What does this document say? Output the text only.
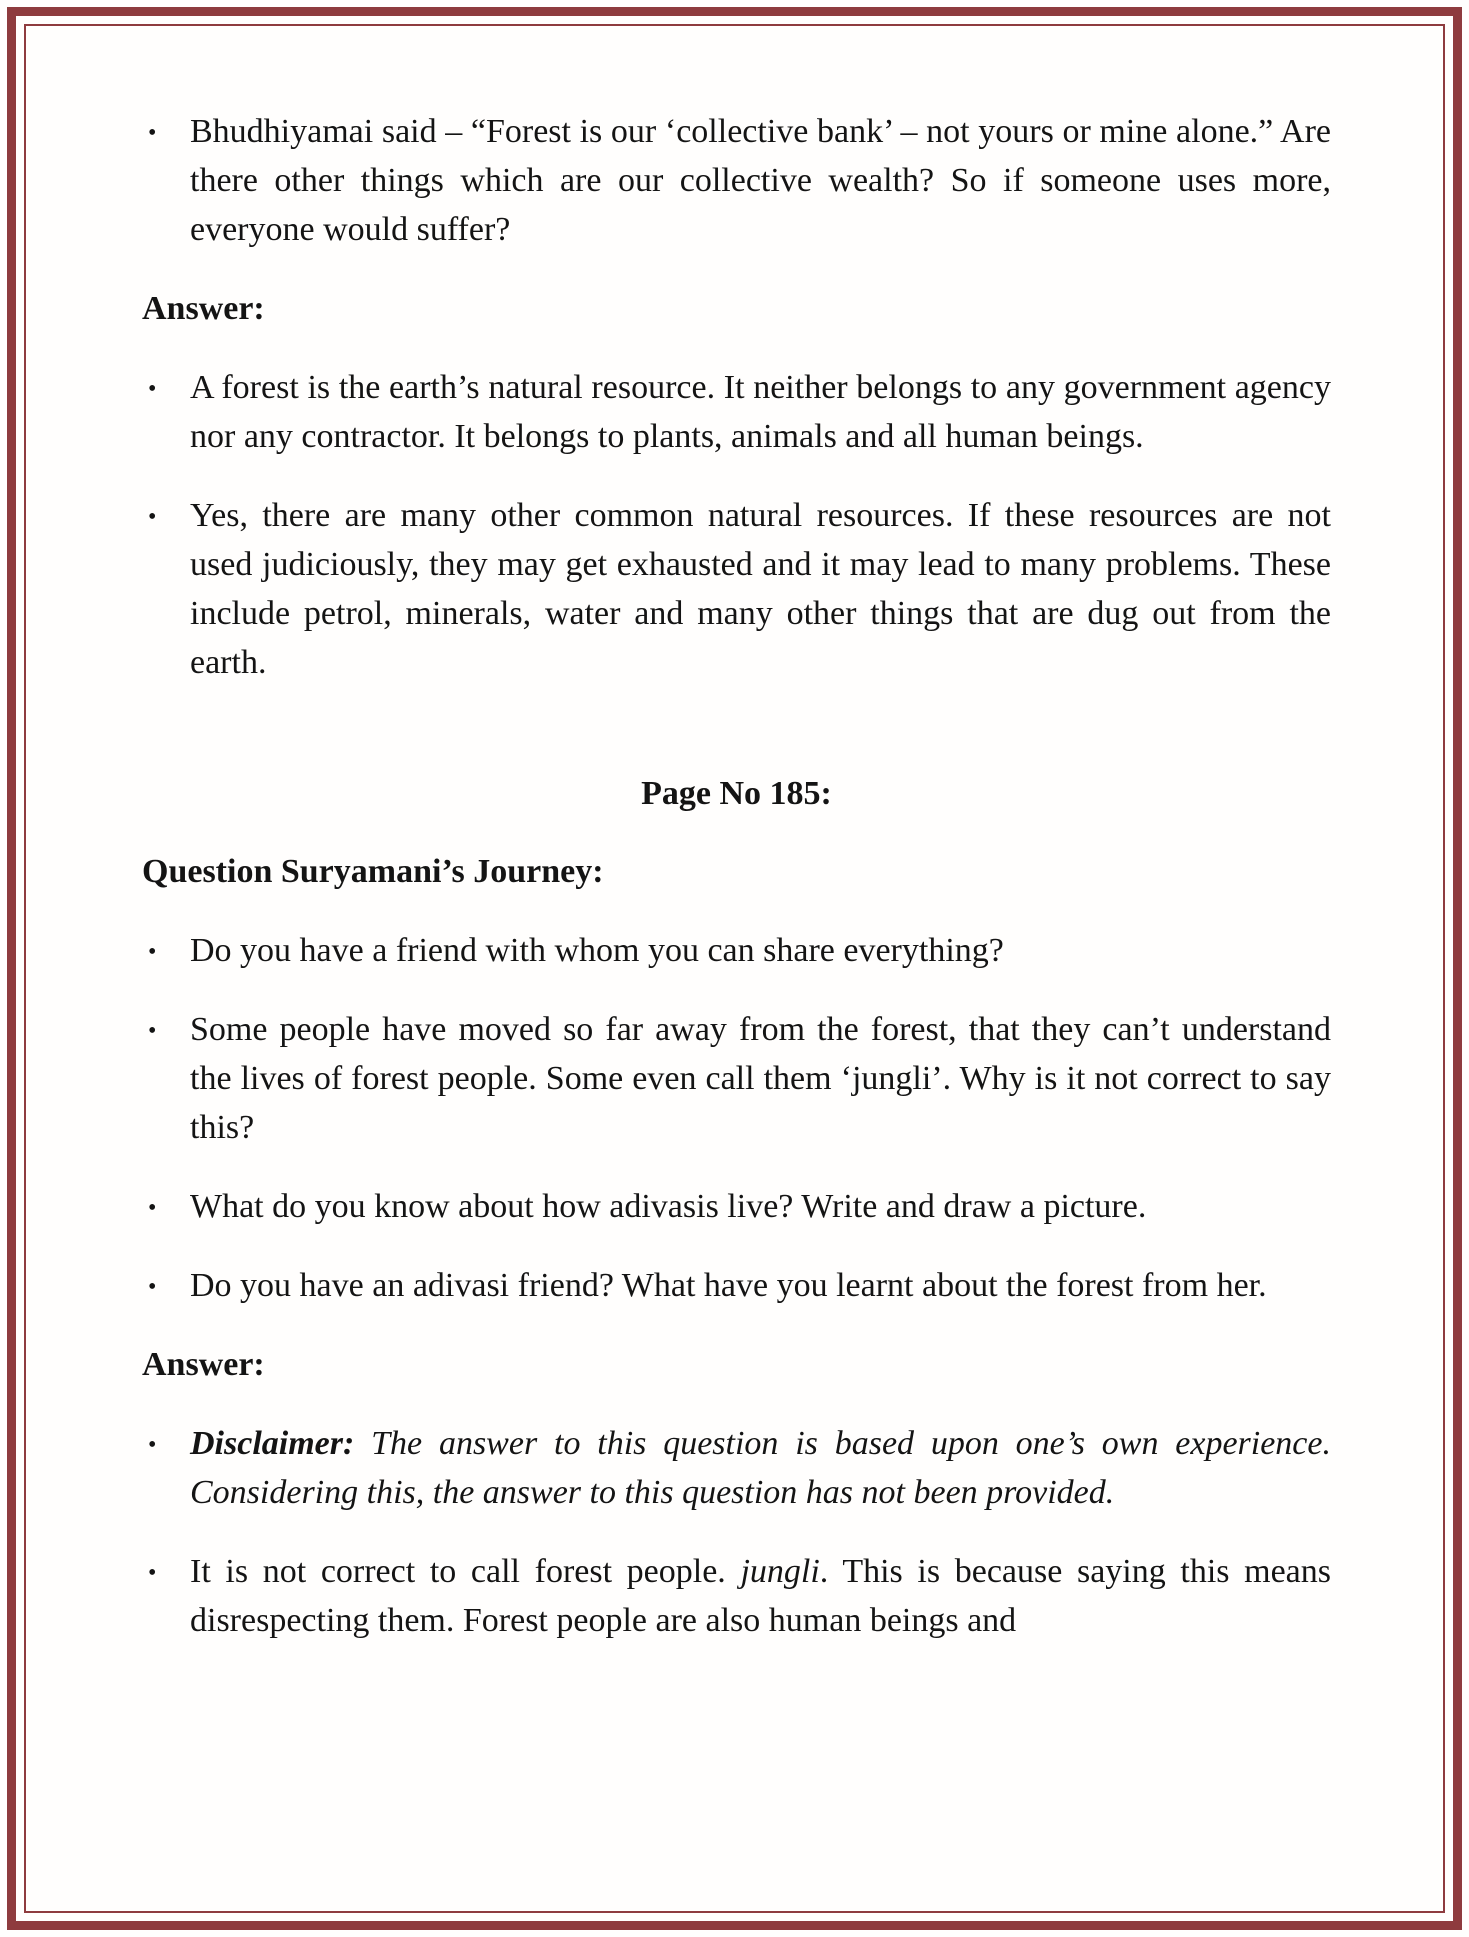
• Bhudhiyamai said – “Forest is our ‘collective bank’ – not yours or mine alone.” Are there other things which are our collective wealth? So if someone uses more, everyone would suffer?
Answer:
• A forest is the earth’s natural resource. It neither belongs to any government agency nor any contractor. It belongs to plants, animals and all human beings.
• Yes, there are many other common natural resources. If these resources are not used judiciously, they may get exhausted and it may lead to many problems. These include petrol, minerals, water and many other things that are dug out from the earth.
Page No 185:
Question Suryamani’s Journey:
• Do you have a friend with whom you can share everything?
• Some people have moved so far away from the forest, that they can’t understand the lives of forest people. Some even call them ‘jungli’. Why is it not correct to say this?
• What do you know about how adivasis live? Write and draw a picture.
• Do you have an adivasi friend? What have you learnt about the forest from her.
Answer:
• Disclaimer: The answer to this question is based upon one’s own experience. Considering this, the answer to this question has not been provided.
• It is not correct to call forest people. jungli. This is because saying this means disrespecting them. Forest people are also human beings and
